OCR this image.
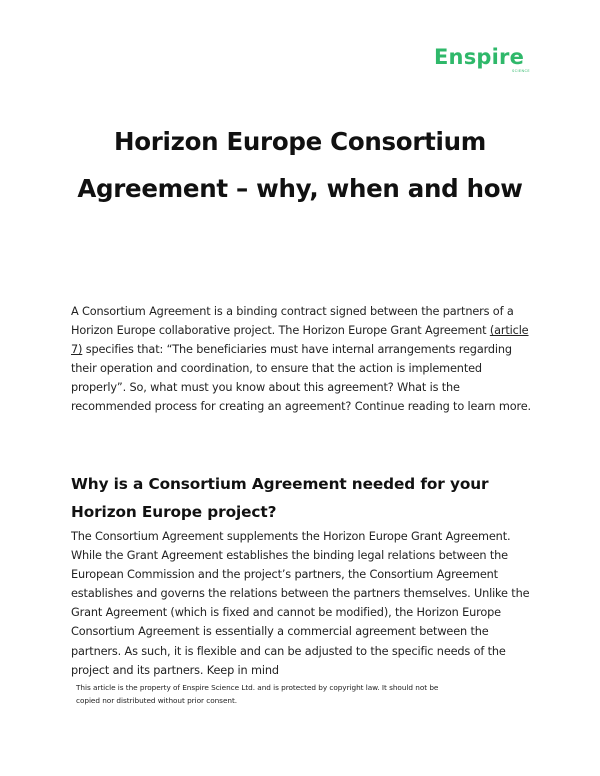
Enspire
SCIENCE
Horizon Europe Consortium Agreement – why, when and how

A Consortium Agreement is a binding contract signed between the partners of a Horizon Europe collaborative project. The Horizon Europe Grant Agreement (article 7) specifies that: “The beneficiaries must have internal arrangements regarding their operation and coordination, to ensure that the action is implemented properly”. So, what must you know about this agreement? What is the recommended process for creating an agreement? Continue reading to learn more.

Why is a Consortium Agreement needed for your Horizon Europe project?

The Consortium Agreement supplements the Horizon Europe Grant Agreement. While the Grant Agreement establishes the binding legal relations between the European Commission and the project’s partners, the Consortium Agreement establishes and governs the relations between the partners themselves. Unlike the Grant Agreement (which is fixed and cannot be modified), the Horizon Europe Consortium Agreement is essentially a commercial agreement between the partners. As such, it is flexible and can be adjusted to the specific needs of the project and its partners. Keep in mind

This article is the property of Enspire Science Ltd. and is protected by copyright law. It should not be
copied nor distributed without prior consent.
